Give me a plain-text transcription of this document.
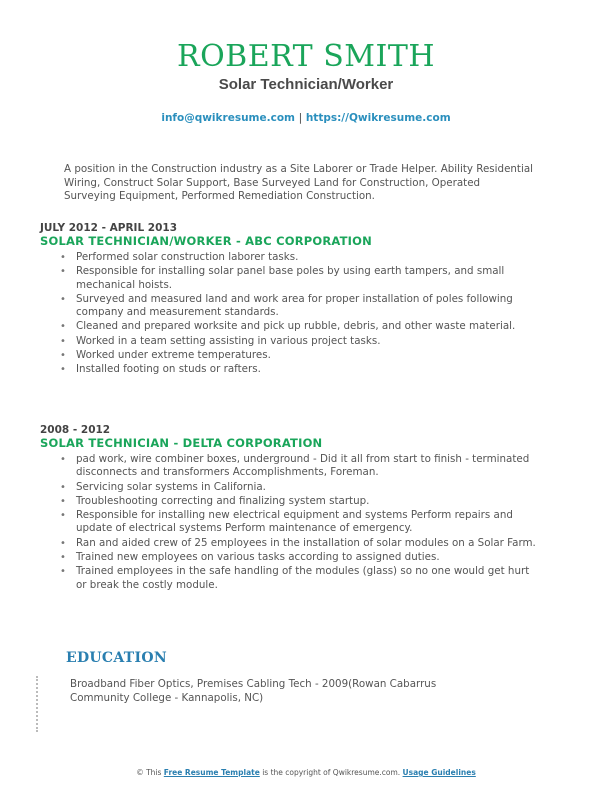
ROBERT SMITH
Solar Technician/Worker
info@qwikresume.com | https://Qwikresume.com
A position in the Construction industry as a Site Laborer or Trade Helper. Ability Residential Wiring, Construct Solar Support, Base Surveyed Land for Construction, Operated Surveying Equipment, Performed Remediation Construction.
JULY 2012 - APRIL 2013
SOLAR TECHNICIAN/WORKER - ABC CORPORATION
• Performed solar construction laborer tasks.
• Responsible for installing solar panel base poles by using earth tampers, and small mechanical hoists.
• Surveyed and measured land and work area for proper installation of poles following company and measurement standards.
• Cleaned and prepared worksite and pick up rubble, debris, and other waste material.
• Worked in a team setting assisting in various project tasks.
• Worked under extreme temperatures.
• Installed footing on studs or rafters.
2008 - 2012
SOLAR TECHNICIAN - DELTA CORPORATION
• pad work, wire combiner boxes, underground - Did it all from start to finish - terminated disconnects and transformers Accomplishments, Foreman.
• Servicing solar systems in California.
• Troubleshooting correcting and finalizing system startup.
• Responsible for installing new electrical equipment and systems Perform repairs and update of electrical systems Perform maintenance of emergency.
• Ran and aided crew of 25 employees in the installation of solar modules on a Solar Farm.
• Trained new employees on various tasks according to assigned duties.
• Trained employees in the safe handling of the modules (glass) so no one would get hurt or break the costly module.
EDUCATION
Broadband Fiber Optics, Premises Cabling Tech - 2009(Rowan Cabarrus Community College - Kannapolis, NC)
© This Free Resume Template is the copyright of Qwikresume.com. Usage Guidelines
